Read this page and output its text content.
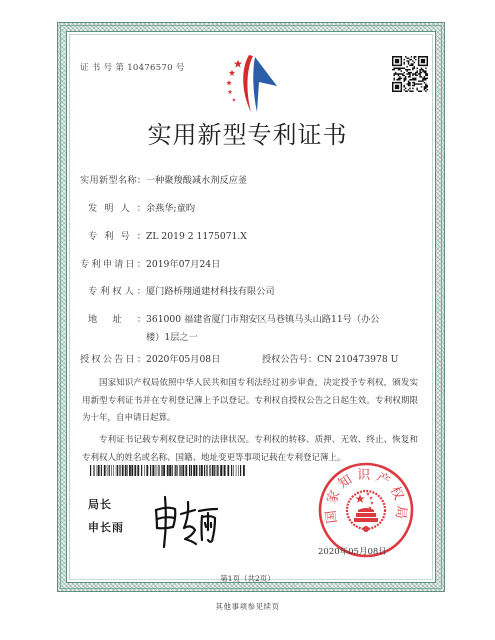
证 书 号 第 10476570 号
实用新型专利证书
实用新型名称： 一种聚羧酸减水剂反应釜
发明人： 余燕华;童昀
专利号： ZL 2019 2 1175071.X
专利申请日： 2019年07月24日
专利权人： 厦门路桥翔通建材科技有限公司
地址： 361000 福建省厦门市翔安区马巷镇马头山路11号（办公楼）1层之一
授权公告日： 2020年05月08日	授权公告号： CN 210473978 U
国家知识产权局依照中华人民共和国专利法经过初步审查，决定授予专利权，颁发实用新型专利证书并在专利登记簿上予以登记。专利权自授权公告之日起生效。专利权期限为十年，自申请日起算。
专利证书记载专利权登记时的法律状况。专利权的转移、质押、无效、终止、恢复和专利权人的姓名或名称、国籍、地址变更等事项记载在专利登记簿上。
局长
申长雨
国家知识产权局
2020年05月08日
第1页（共2页）
其他事项参见续页
